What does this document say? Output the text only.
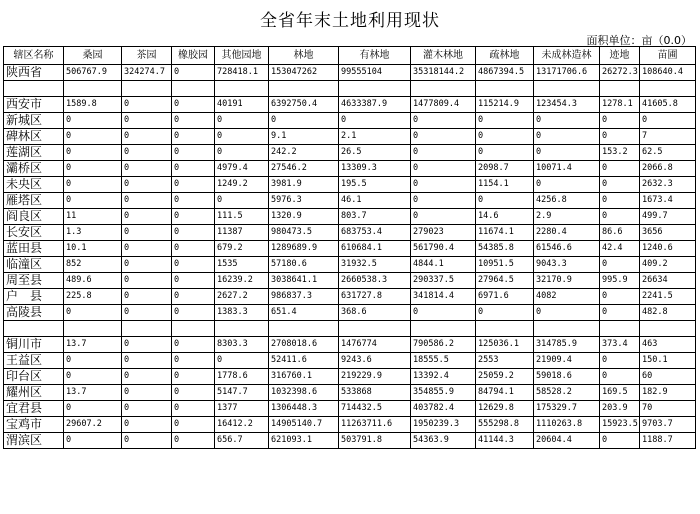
全省年末土地利用现状
面积单位：亩（0.0）
辖区名称	桑园	茶园	橡胶园	其他园地	林地	有林地	灌木林地	疏林地	未成林造林	迹地	苗圃
陕西省	506767.9	324274.7	0	728418.1	153047262	99555104	35318144.2	4867394.5	13171706.6	26272.3	108640.4

西安市	1589.8	0	0	40191	6392750.4	4633387.9	1477809.4	115214.9	123454.3	1278.1	41605.8
新城区	0	0	0	0	0	0	0	0	0	0	0
碑林区	0	0	0	0	9.1	2.1	0	0	0	0	7
莲湖区	0	0	0	0	242.2	26.5	0	0	0	153.2	62.5
灞桥区	0	0	0	4979.4	27546.2	13309.3	0	2098.7	10071.4	0	2066.8
未央区	0	0	0	1249.2	3981.9	195.5	0	1154.1	0	0	2632.3
雁塔区	0	0	0	0	5976.3	46.1	0	0	4256.8	0	1673.4
阎良区	11	0	0	111.5	1320.9	803.7	0	14.6	2.9	0	499.7
长安区	1.3	0	0	11387	980473.5	683753.4	279023	11674.1	2280.4	86.6	3656
蓝田县	10.1	0	0	679.2	1289689.9	610684.1	561790.4	54385.8	61546.6	42.4	1240.6
临潼区	852	0	0	1535	57180.6	31932.5	4844.1	10951.5	9043.3	0	409.2
周至县	489.6	0	0	16239.2	3038641.1	2660538.3	290337.5	27964.5	32170.9	995.9	26634
户　县	225.8	0	0	2627.2	986837.3	631727.8	341814.4	6971.6	4082	0	2241.5
高陵县	0	0	0	1383.3	651.4	368.6	0	0	0	0	482.8

铜川市	13.7	0	0	8303.3	2708018.6	1476774	790586.2	125036.1	314785.9	373.4	463
王益区	0	0	0	0	52411.6	9243.6	18555.5	2553	21909.4	0	150.1
印台区	0	0	0	1778.6	316760.1	219229.9	13392.4	25059.2	59018.6	0	60
耀州区	13.7	0	0	5147.7	1032398.6	533868	354855.9	84794.1	58528.2	169.5	182.9
宜君县	0	0	0	1377	1306448.3	714432.5	403782.4	12629.8	175329.7	203.9	70
宝鸡市	29607.2	0	0	16412.2	14905140.7	11263711.6	1950239.3	555298.8	1110263.8	15923.5	9703.7
渭滨区	0	0	0	656.7	621093.1	503791.8	54363.9	41144.3	20604.4	0	1188.7
